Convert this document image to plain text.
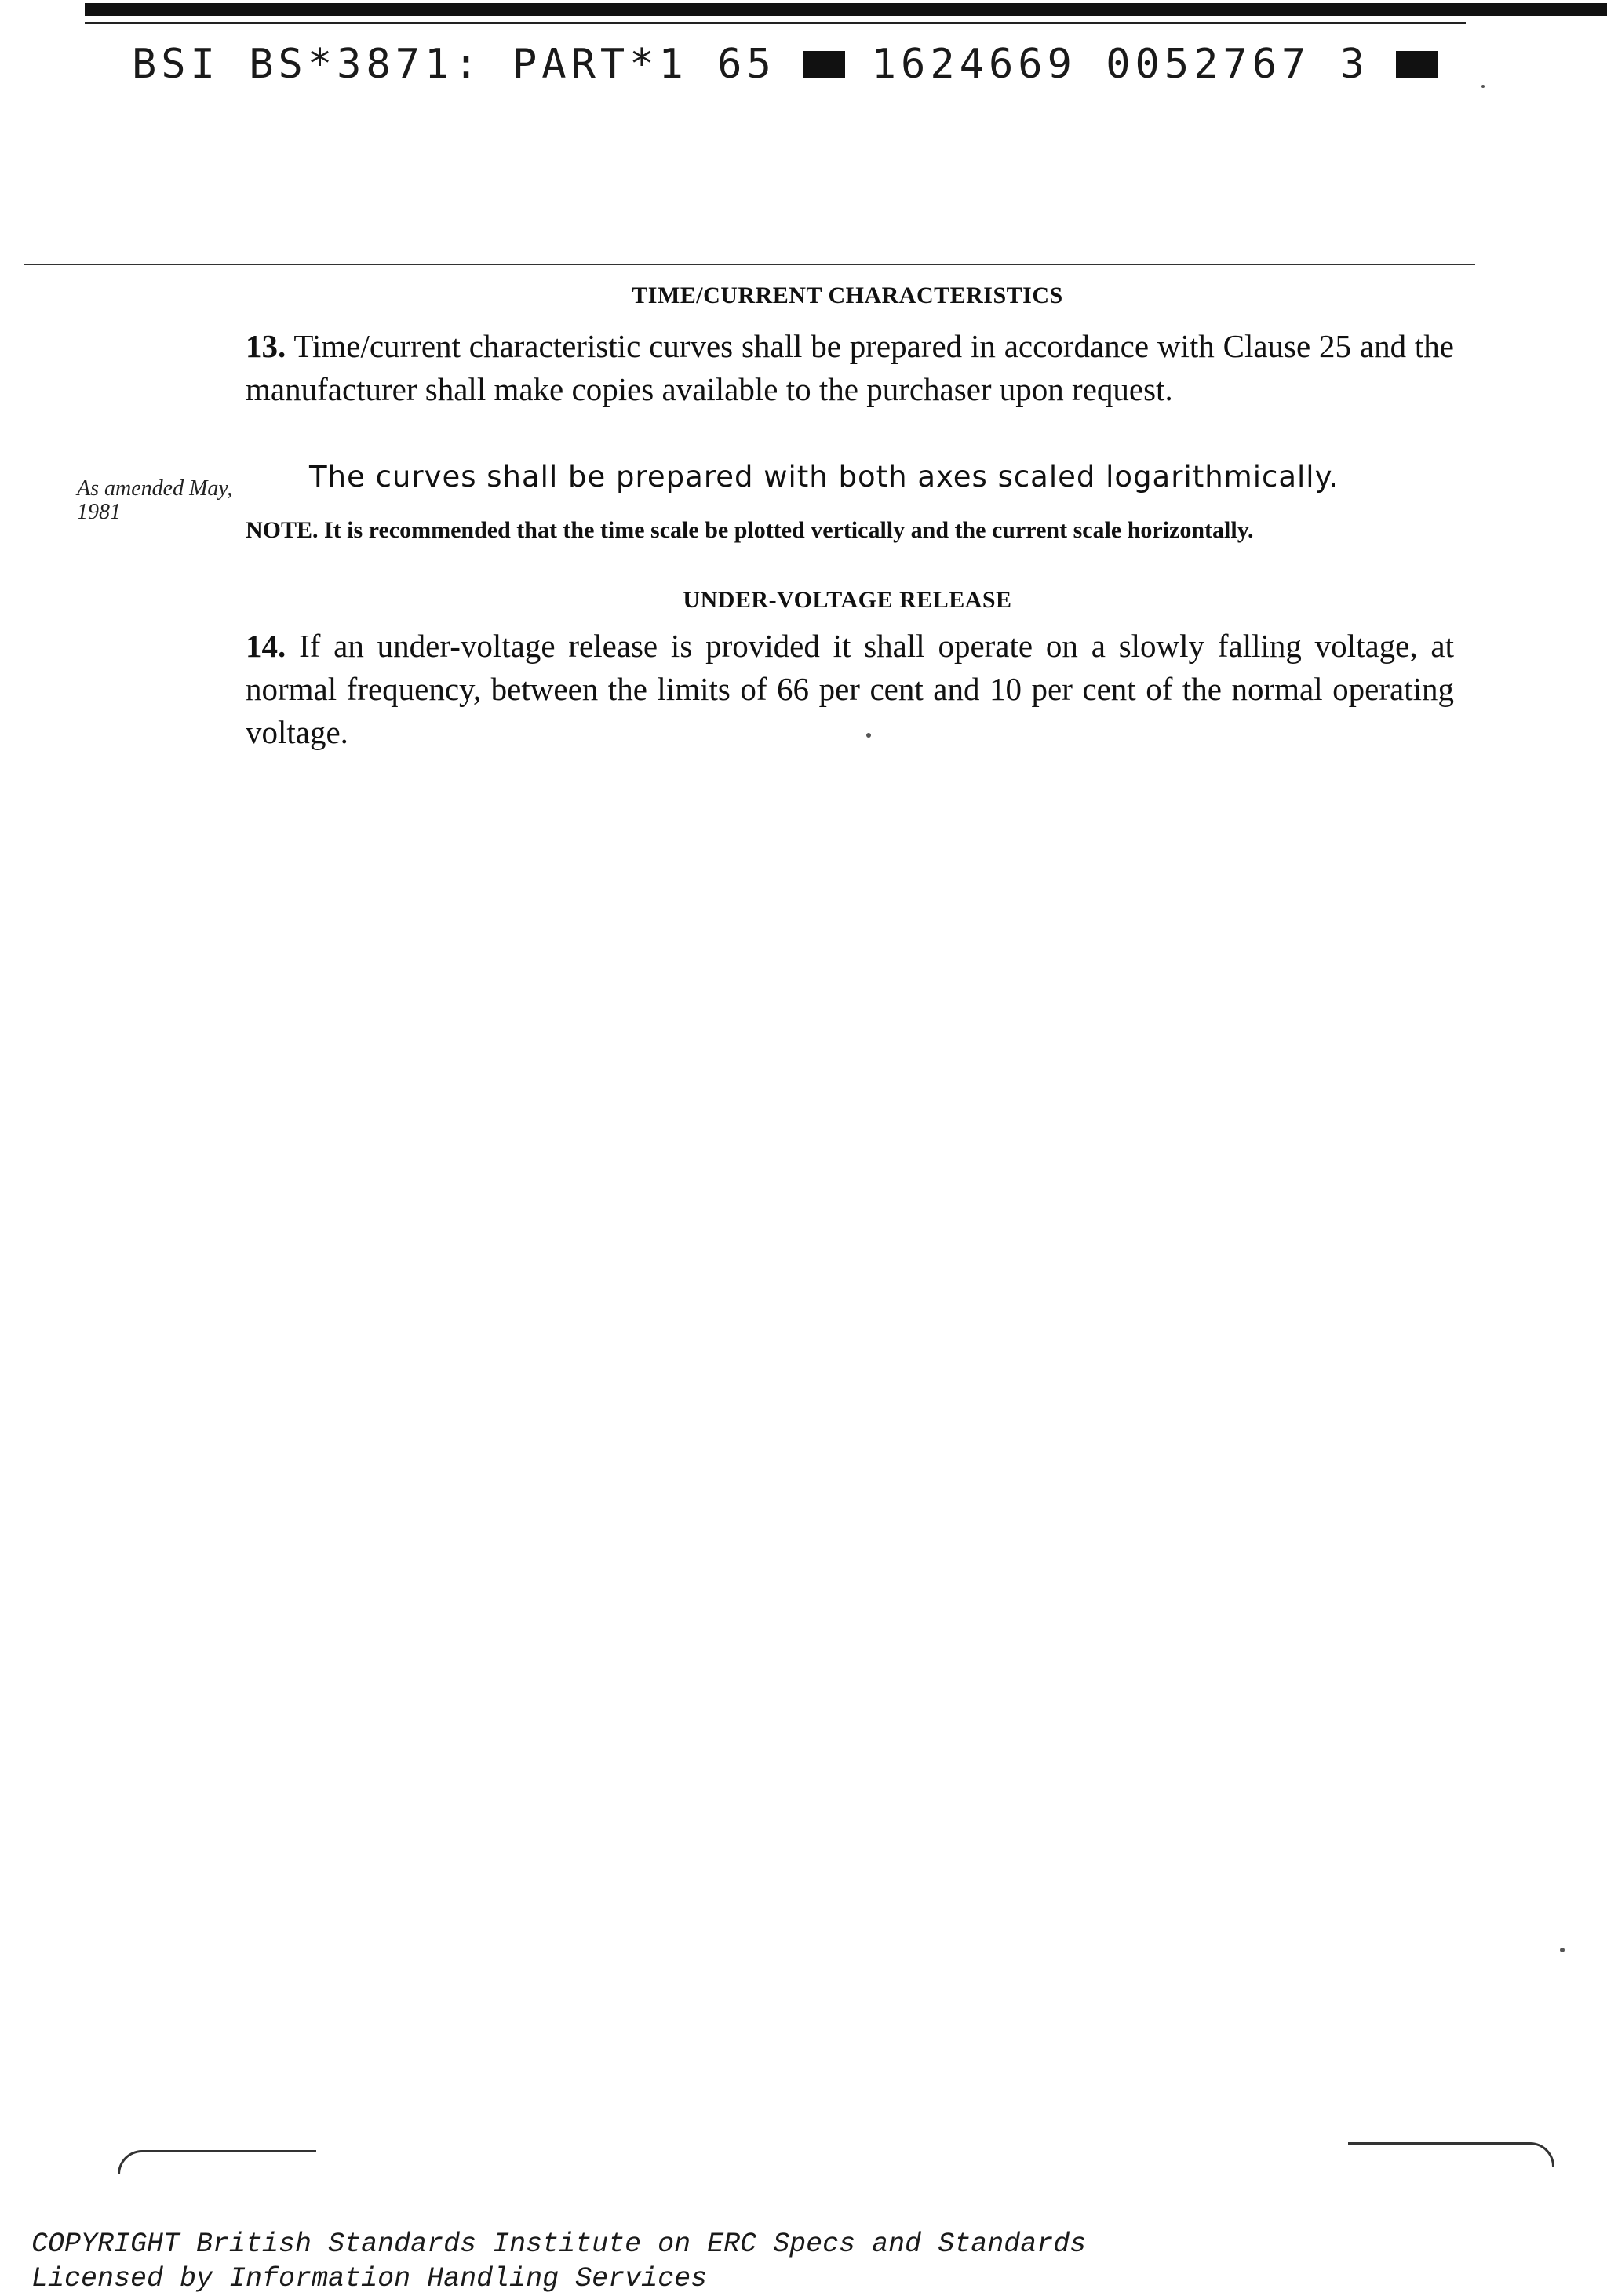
BSI BS*3871: PART*1 65 1624669 0052767 3
TIME/CURRENT CHARACTERISTICS
13. Time/current characteristic curves shall be prepared in accordance with Clause 25 and the manufacturer shall make copies available to the purchaser upon request.
As amended May, 1981
The curves shall be prepared with both axes scaled logarithmically.
NOTE. It is recommended that the time scale be plotted vertically and the current scale horizontally.
UNDER-VOLTAGE RELEASE
14. If an under-voltage release is provided it shall operate on a slowly falling voltage, at normal frequency, between the limits of 66 per cent and 10 per cent of the normal operating voltage.
COPYRIGHT British Standards Institute on ERC Specs and Standards
Licensed by Information Handling Services
